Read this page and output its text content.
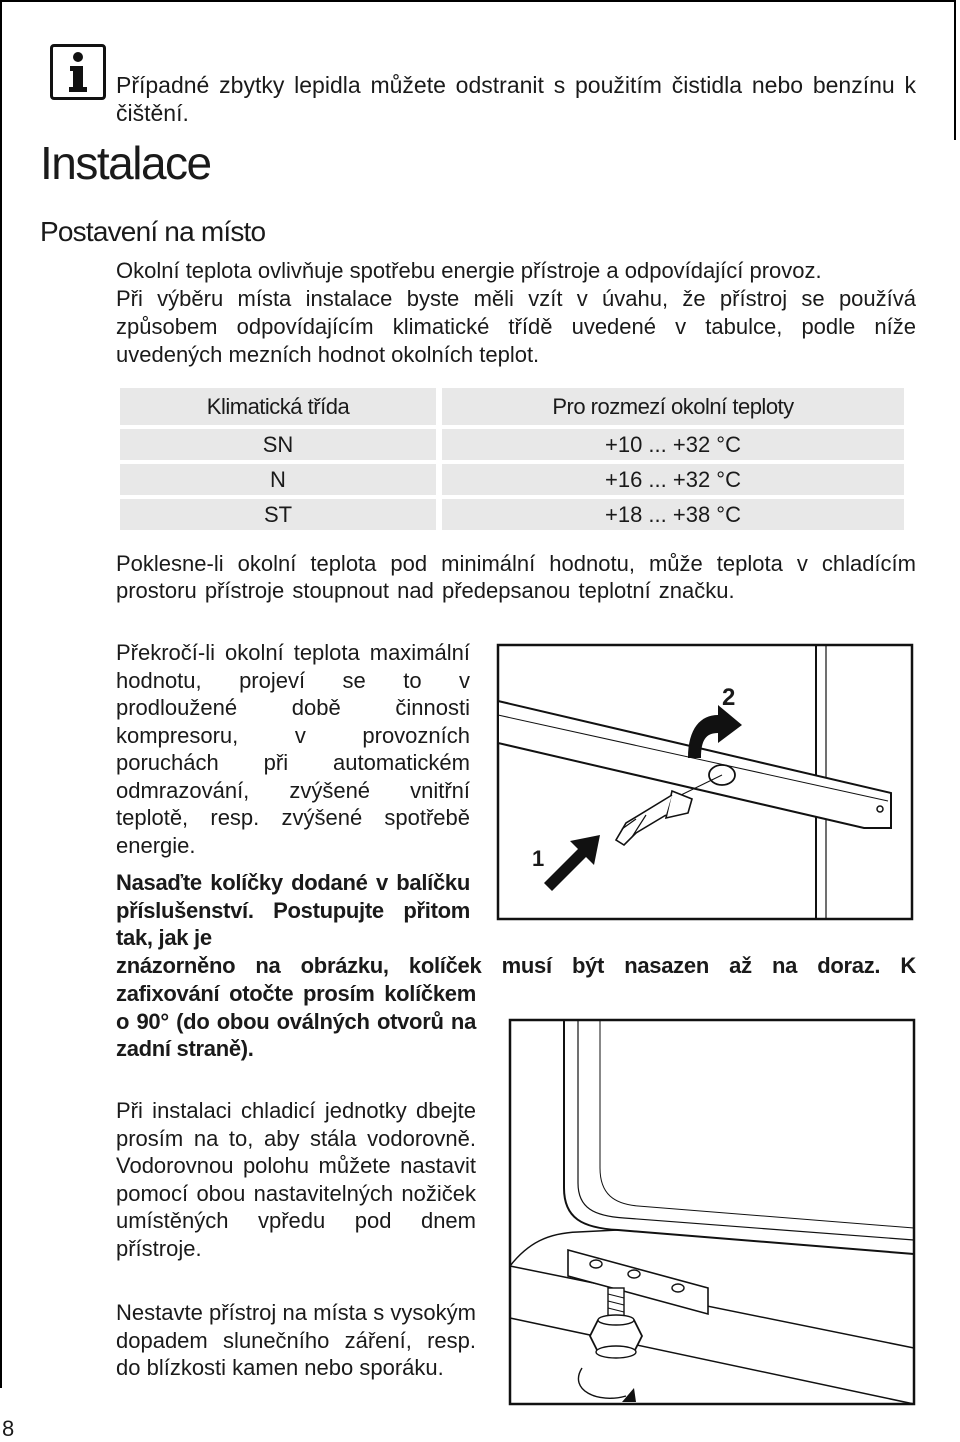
Případné zbytky lepidla můžete odstranit s použitím čistidla nebo benzínu k čištění.

Instalace
Postavení na místo
Okolní teplota ovlivňuje spotřebu energie přístroje a odpovídající provoz.
Při výběru místa instalace byste měli vzít v úvahu, že přístroj se používá způsobem odpovídajícím klimatické třídě uvedené v tabulce, podle níže uvedených mezních hodnot okolních teplot.
Klimatická třída	Pro rozmezí okolní teploty
SN	+10 ... +32 °C
N	+16 ... +32 °C
ST	+18 ... +38 °C

Poklesne-li okolní teplota pod minimální hodnotu, může teplota v chladícím prostoru přístroje stoupnout nad předepsanou teplotní značku.

Překročí-li okolní teplota maximální hodnotu, projeví se to v prodloužené době činnosti kompresoru, v provozních poruchách při automatickém odmrazování, zvýšené vnitřní teplotě, resp. zvýšené spotřebě energie.

Nasaďte kolíčky dodané v balíčku příslušenství. Postupujte přitom tak, jak je

znázorněno na obrázku, kolíček musí být nasazen až na doraz. K

zafixování otočte prosím kolíčkem o 90° (do obou oválných otvorů na zadní straně).

Při instalaci chladicí jednotky dbejte prosím na to, aby stála vodorovně. Vodorovnou polohu můžete nastavit pomocí obou nastavitelných nožiček umístěných vpředu pod dnem přístroje.

Nestavte přístroj na místa s vysokým dopadem slunečního záření, resp. do blízkosti kamen nebo sporáku.

2
1
8
